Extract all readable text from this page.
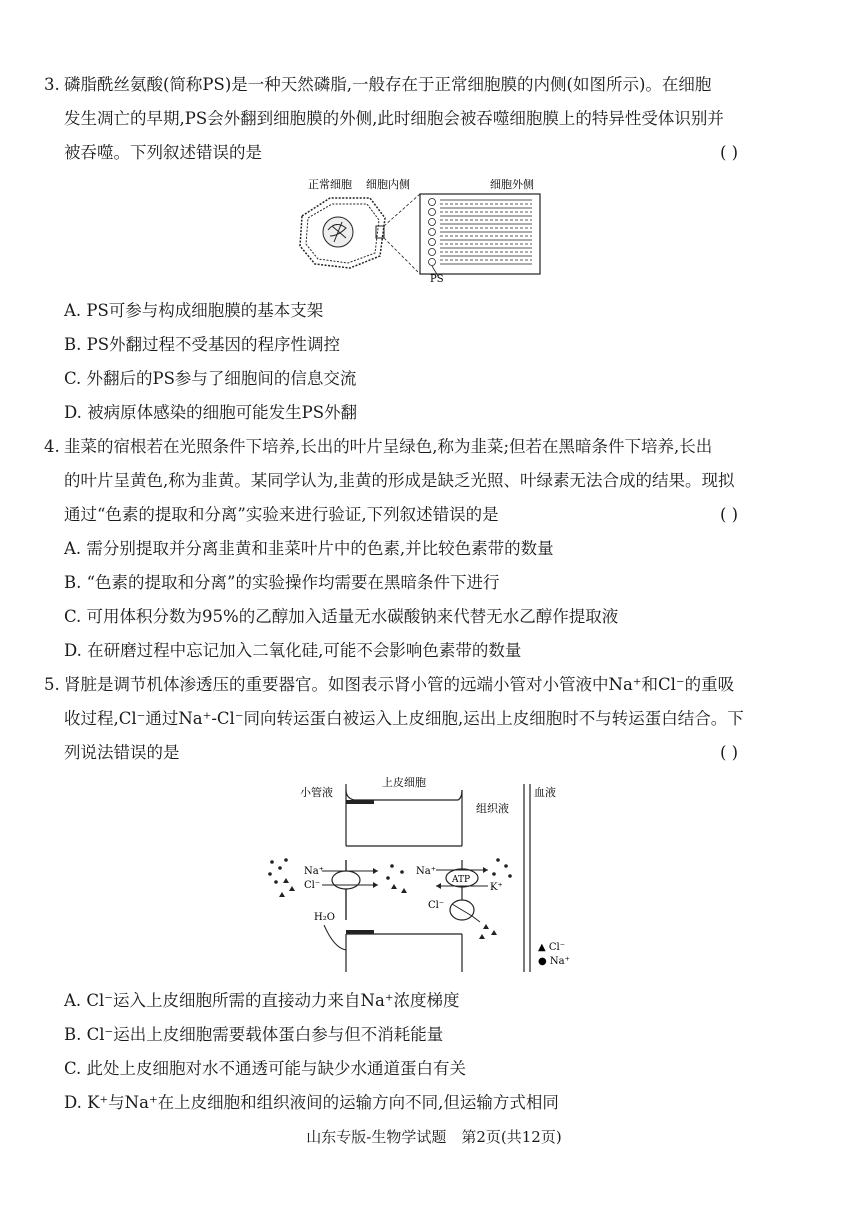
3. 磷脂酰丝氨酸(简称PS)是一种天然磷脂,一般存在于正常细胞膜的内侧(如图所示)。在细胞
发生凋亡的早期,PS会外翻到细胞膜的外侧,此时细胞会被吞噬细胞膜上的特异性受体识别并
被吞噬。下列叙述错误的是	( )
正常细胞 细胞内侧	细胞外侧
PS
A. PS可参与构成细胞膜的基本支架
B. PS外翻过程不受基因的程序性调控
C. 外翻后的PS参与了细胞间的信息交流
D. 被病原体感染的细胞可能发生PS外翻
4. 韭菜的宿根若在光照条件下培养,长出的叶片呈绿色,称为韭菜;但若在黑暗条件下培养,长出
的叶片呈黄色,称为韭黄。某同学认为,韭黄的形成是缺乏光照、叶绿素无法合成的结果。现拟
通过“色素的提取和分离”实验来进行验证,下列叙述错误的是	( )
A. 需分别提取并分离韭黄和韭菜叶片中的色素,并比较色素带的数量
B. “色素的提取和分离”的实验操作均需要在黑暗条件下进行
C. 可用体积分数为95%的乙醇加入适量无水碳酸钠来代替无水乙醇作提取液
D. 在研磨过程中忘记加入二氧化硅,可能不会影响色素带的数量
5. 肾脏是调节机体渗透压的重要器官。如图表示肾小管的远端小管对小管液中Na⁺和Cl⁻的重吸
收过程,Cl⁻通过Na⁺-Cl⁻同向转运蛋白被运入上皮细胞,运出上皮细胞时不与转运蛋白结合。下
列说法错误的是	( )
上皮细胞
小管液
组织液
血液
Na⁺
Cl⁻
H₂O
Na⁺
ATP
K⁺
Cl⁻
▲ Cl⁻
● Na⁺
A. Cl⁻运入上皮细胞所需的直接动力来自Na⁺浓度梯度
B. Cl⁻运出上皮细胞需要载体蛋白参与但不消耗能量
C. 此处上皮细胞对水不通透可能与缺少水通道蛋白有关
D. K⁺与Na⁺在上皮细胞和组织液间的运输方向不同,但运输方式相同
山东专版-生物学试题　第2页(共12页)
